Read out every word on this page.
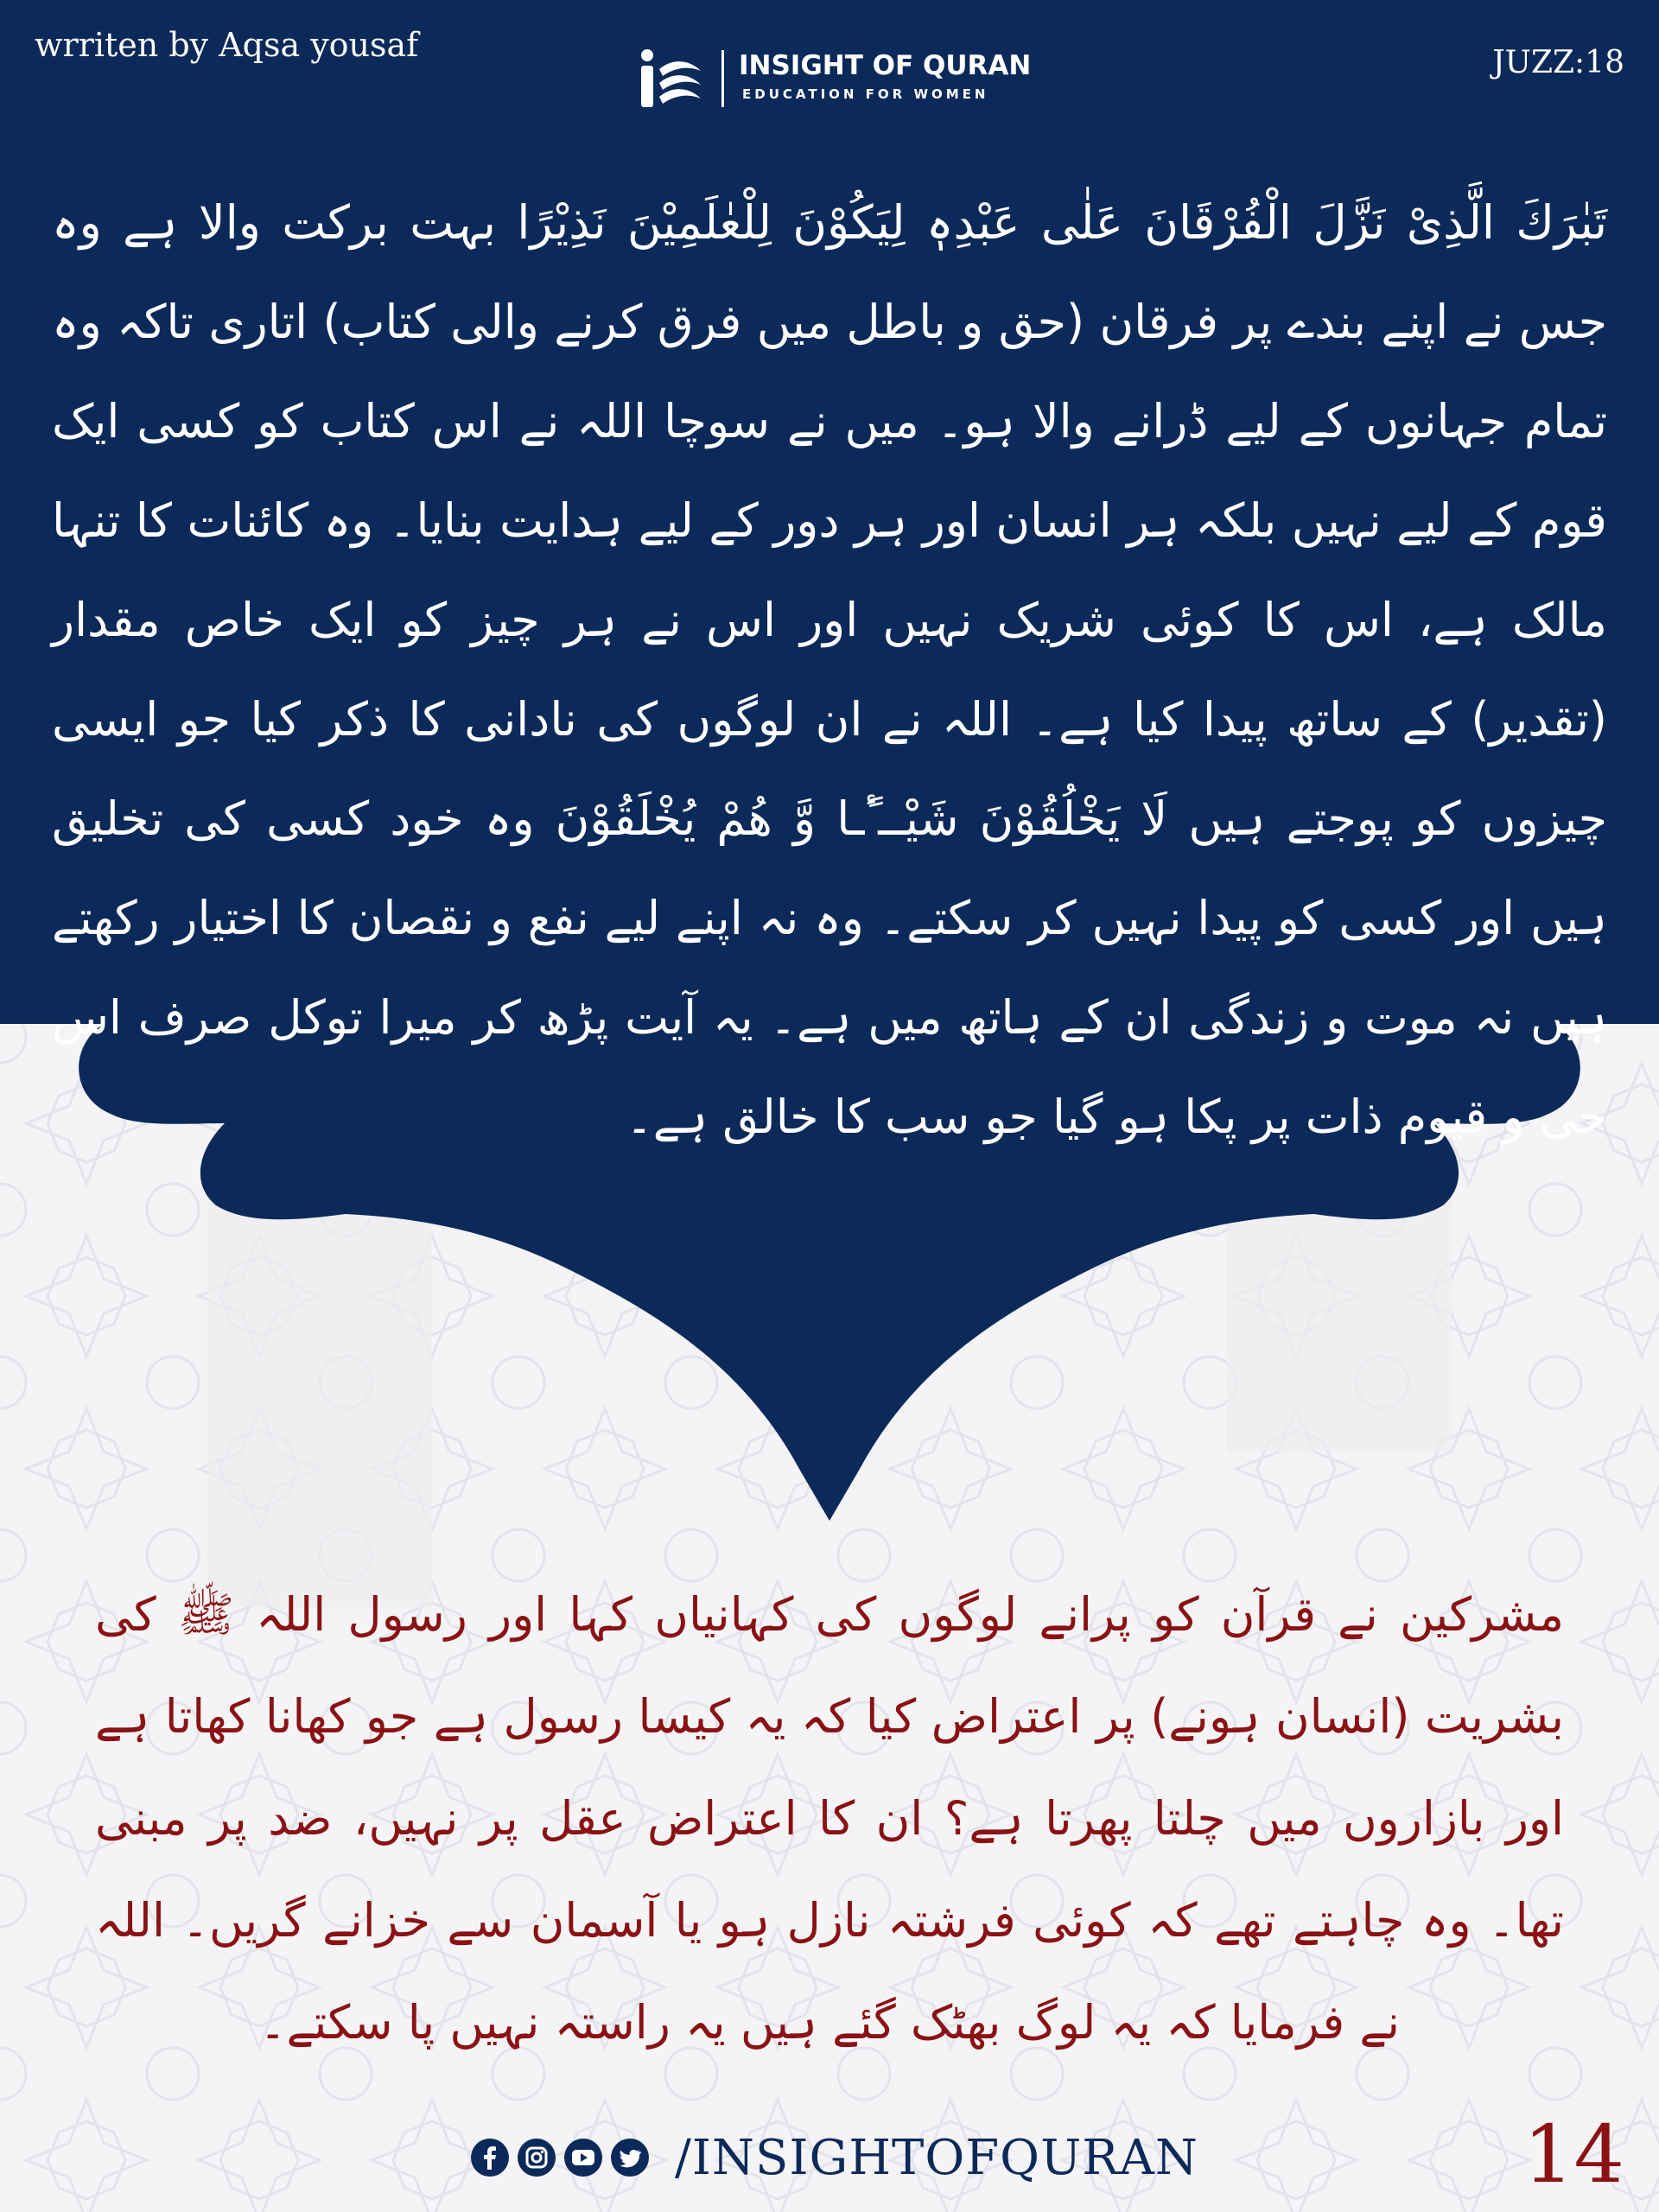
wrriten by Aqsa yousaf	JUZZ:18
INSIGHT OF QURAN
EDUCATION FOR WOMEN
تَبٰرَكَ الَّذِیْ نَزَّلَ الْفُرْقَانَ عَلٰى عَبْدِهٖ لِیَكُوْنَ لِلْعٰلَمِیْنَ نَذِیْرًا بہت برکت والا ہے وہ جس نے اپنے بندے پر فرقان (حق و باطل میں فرق کرنے والی کتاب) اتاری تاکہ وہ تمام جہانوں کے لیے ڈرانے والا ہو۔ میں نے سوچا اللہ نے اس کتاب کو کسی ایک قوم کے لیے نہیں بلکہ ہر انسان اور ہر دور کے لیے ہدایت بنایا۔ وہ کائنات کا تنہا مالک ہے، اس کا کوئی شریک نہیں اور اس نے ہر چیز کو ایک خاص مقدار (تقدیر) کے ساتھ پیدا کیا ہے۔ اللہ نے ان لوگوں کی نادانی کا ذکر کیا جو ایسی چیزوں کو پوجتے ہیں لَا یَخْلُقُوْنَ شَیْــٴًـا وَّ هُمْ یُخْلَقُوْنَ وہ خود کسی کی تخلیق ہیں اور کسی کو پیدا نہیں کر سکتے۔ وہ نہ اپنے لیے نفع و نقصان کا اختیار رکھتے ہیں نہ موت و زندگی ان کے ہاتھ میں ہے۔ یہ آیت پڑھ کر میرا توکل صرف اس حی و قیوم ذات پر پکا ہو گیا جو سب کا خالق ہے۔
مشرکین نے قرآن کو پرانے لوگوں کی کہانیاں کہا اور رسول اللہ ﷺ کی بشریت (انسان ہونے) پر اعتراض کیا کہ یہ کیسا رسول ہے جو کھانا کھاتا ہے اور بازاروں میں چلتا پھرتا ہے؟ ان کا اعتراض عقل پر نہیں، ضد پر مبنی تھا۔ وہ چاہتے تھے کہ کوئی فرشتہ نازل ہو یا آسمان سے خزانے گریں۔ اللہ نے فرمایا کہ یہ لوگ بھٹک گئے ہیں یہ راستہ نہیں پا سکتے۔
/INSIGHTOFQURAN	14
